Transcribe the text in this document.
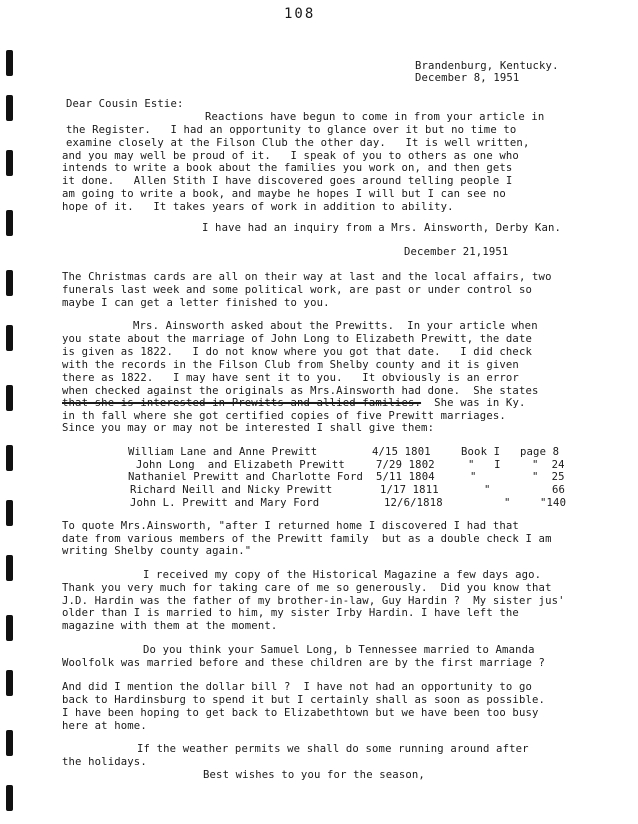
108
Brandenburg, Kentucky.
December 8, 1951
Dear Cousin Estie:
Reactions have begun to come in from your article in
the Register.   I had an opportunity to glance over it but no time to
examine closely at the Filson Club the other day.   It is well written,
and you may well be proud of it.   I speak of you to others as one who
intends to write a book about the families you work on, and then gets
it done.   Allen Stith I have discovered goes around telling people I
am going to write a book, and maybe he hopes I will but I can see no
hope of it.   It takes years of work in addition to ability.
I have had an inquiry from a Mrs. Ainsworth, Derby Kan.
December 21,1951
The Christmas cards are all on their way at last and the local affairs, two
funerals last week and some political work, are past or under control so
maybe I can get a letter finished to you.
Mrs. Ainsworth asked about the Prewitts.  In your article when
you state about the marriage of John Long to Elizabeth Prewitt, the date
is given as 1822.   I do not know where you got that date.   I did check
with the records in the Filson Club from Shelby county and it is given
there as 1822.   I may have sent it to you.   It obviously is an error
when checked against the originals as Mrs.Ainsworth had done.  She states
that she is interested in Prewitts and allied families.  She was in Ky.
in th fall where she got certified copies of five Prewitt marriages.
Since you may or may not be interested I shall give them:
William Lane and Anne Prewitt	4/15 1801	Book I page 8
John Long  and Elizabeth Prewitt	7/29 1802	"   I	"  24
Nathaniel Prewitt and Charlotte Ford 5/11 1804	"	"  25
Richard Neill and Nicky Prewitt	1/17 1811	"	66
John L. Prewitt and Mary Ford	12/6/1818	"	"140
To quote Mrs.Ainsworth, "after I returned home I discovered I had that
date from various members of the Prewitt family  but as a double check I am
writing Shelby county again."
I received my copy of the Historical Magazine a few days ago.
Thank you very much for taking care of me so generously.  Did you know that
J.D. Hardin was the father of my brother-in-law, Guy Hardin ?  My sister jus'
older than I is married to him, my sister Irby Hardin. I have left the
magazine with them at the moment.
Do you think your Samuel Long, b Tennessee married to Amanda
Woolfolk was married before and these children are by the first marriage ?
And did I mention the dollar bill ?  I have not had an opportunity to go
back to Hardinsburg to spend it but I certainly shall as soon as possible.
I have been hoping to get back to Elizabethtown but we have been too busy
here at home.
If the weather permits we shall do some running around after
the holidays.
Best wishes to you for the season,
